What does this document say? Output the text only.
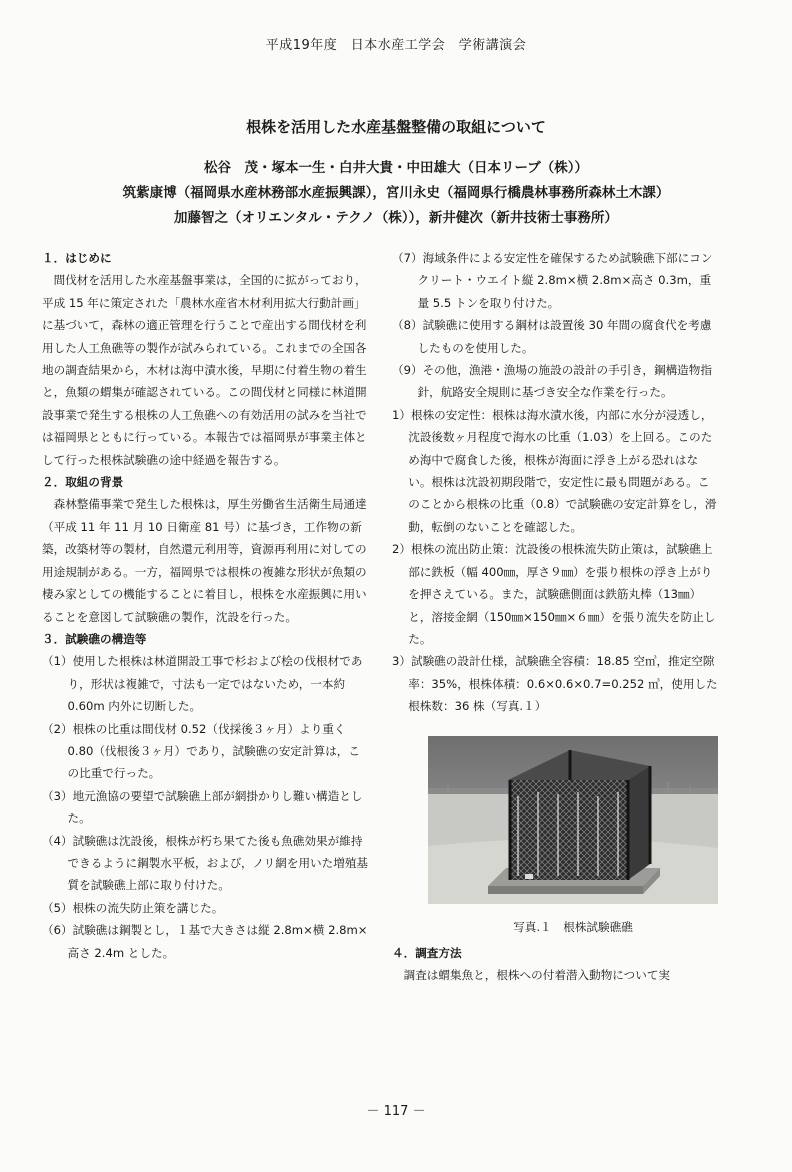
平成19年度　日本水産工学会　学術講演会
根株を活用した水産基盤整備の取組について
松谷　茂・塚本一生・白井大貴・中田雄大（日本リーブ（株））
筑紫康博（福岡県水産林務部水産振興課），宮川永史（福岡県行橋農林事務所森林土木課）
加藤智之（オリエンタル・テクノ（株）），新井健次（新井技術士事務所）
１．はじめに
間伐材を活用した水産基盤事業は，全国的に拡がっており，平成 15 年に策定された「農林水産省木材利用拡大行動計画」に基づいて，森林の適正管理を行うことで産出する間伐材を利用した人工魚礁等の製作が試みられている。これまでの全国各地の調査結果から，木材は海中漬水後，早期に付着生物の着生と，魚類の蝟集が確認されている。この間伐材と同様に林道開設事業で発生する根株の人工魚礁への有効活用の試みを当社では福岡県とともに行っている。本報告では福岡県が事業主体として行った根株試験礁の途中経過を報告する。
２．取組の背景
森林整備事業で発生した根株は，厚生労働省生活衛生局通達（平成 11 年 11 月 10 日衛産 81 号）に基づき，工作物の新築，改築材等の製材，自然還元利用等，資源再利用に対しての用途規制がある。一方，福岡県では根株の複雑な形状が魚類の棲み家としての機能することに着目し，根株を水産振興に用いることを意図して試験礁の製作，沈設を行った。
３．試験礁の構造等
（1）使用した根株は林道開設工事で杉および桧の伐根材であり，形状は複雑で，寸法も一定ではないため，一本約 0.60m 内外に切断した。
（2）根株の比重は間伐材 0.52（伐採後３ヶ月）より重く 0.80（伐根後３ヶ月）であり，試験礁の安定計算は，この比重で行った。
（3）地元漁協の要望で試験礁上部が網掛かりし難い構造とした。
（4）試験礁は沈設後，根株が朽ち果てた後も魚礁効果が維持できるように鋼製水平板，および，ノリ網を用いた増殖基質を試験礁上部に取り付けた。
（5）根株の流失防止策を講じた。
（6）試験礁は鋼製とし，１基で大きさは縦 2.8m×横 2.8m×高さ 2.4m とした。
（7）海域条件による安定性を確保するため試験礁下部にコンクリート・ウエイト縦 2.8m×横 2.8m×高さ 0.3m，重量 5.5 トンを取り付けた。
（8）試験礁に使用する鋼材は設置後 30 年間の腐食代を考慮したものを使用した。
（9）その他，漁港・漁場の施設の設計の手引き，鋼構造物指針，航路安全規則に基づき安全な作業を行った。
1）根株の安定性：根株は海水漬水後，内部に水分が浸透し，沈設後数ヶ月程度で海水の比重（1.03）を上回る。このため海中で腐食した後，根株が海面に浮き上がる恐れはない。根株は沈設初期段階で，安定性に最も問題がある。このことから根株の比重（0.8）で試験礁の安定計算をし，滑動，転倒のないことを確認した。
2）根株の流出防止策：沈設後の根株流失防止策は，試験礁上部に鉄板（幅 400㎜，厚さ９㎜）を張り根株の浮き上がりを押さえている。また，試験礁側面は鉄筋丸棒（13㎜）と，溶接金網（150㎜×150㎜×６㎜）を張り流失を防止した。
3）試験礁の設計仕様，試験礁全容積：18.85 空㎥，推定空隙率：35%，根株体積：0.6×0.6×0.7=0.252 ㎥，使用した根株数：36 株（写真.１）
写真.１　根株試験礁礁
４．調査方法
調査は蝟集魚と，根株への付着潜入動物について実
－ 117 －
